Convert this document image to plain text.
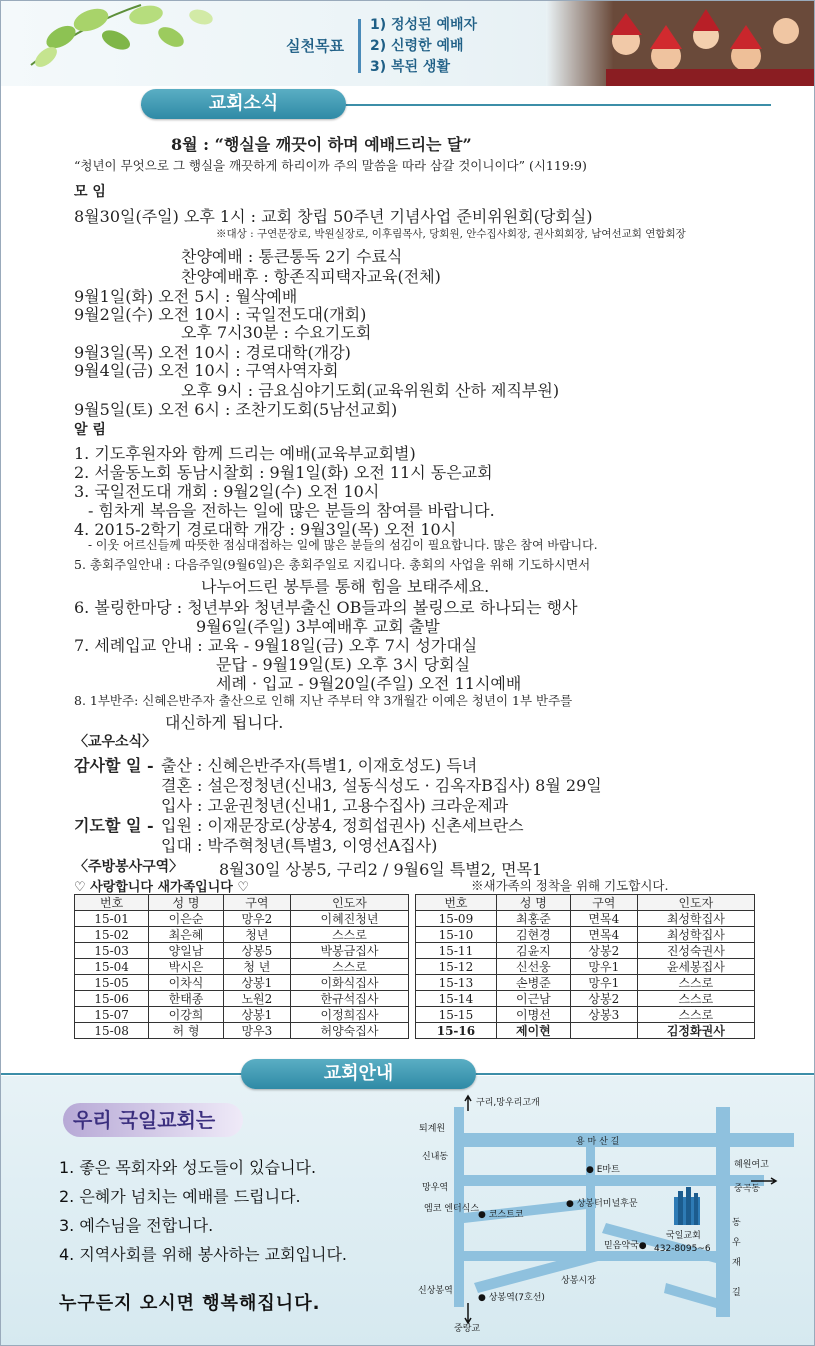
실천목표
1) 정성된 예배자
2) 신령한 예배
3) 복된 생활
교회소식
8월 : “행실을 깨끗이 하며 예배드리는 달”
“청년이 무엇으로 그 행실을 깨끗하게 하리이까 주의 말씀을 따라 삼갈 것이니이다” (시119:9)
모 임
8월30일(주일) 오후 1시 : 교회 창립 50주년 기념사업 준비위원회(당회실)
※대상 : 구연문장로, 박원실장로, 이후림목사, 당회원, 안수집사회장, 권사회회장, 남여선교회 연합회장
찬양예배 : 통큰통독 2기 수료식
찬양예배후 : 항존직피택자교육(전체)
9월1일(화) 오전 5시 : 월삭예배
9월2일(수) 오전 10시 : 국일전도대(개회)
오후 7시30분 : 수요기도회
9월3일(목) 오전 10시 : 경로대학(개강)
9월4일(금) 오전 10시 : 구역사역자회
오후 9시 : 금요심야기도회(교육위원회 산하 제직부원)
9월5일(토) 오전 6시 : 조찬기도회(5남선교회)
알 림
1. 기도후원자와 함께 드리는 예배(교육부교회별)
2. 서울동노회 동남시찰회 : 9월1일(화) 오전 11시 동은교회
3. 국일전도대 개회 : 9월2일(수) 오전 10시
- 힘차게 복음을 전하는 일에 많은 분들의 참여를 바랍니다.
4. 2015-2학기 경로대학 개강 : 9월3일(목) 오전 10시
- 이웃 어르신들께 따뜻한 점심대접하는 일에 많은 분들의 섬김이 필요합니다. 많은 참여 바랍니다.
5. 총회주일안내 : 다음주일(9월6일)은 총회주일로 지킵니다. 총회의 사업을 위해 기도하시면서
나누어드린 봉투를 통해 힘을 보태주세요.
6. 볼링한마당 : 청년부와 청년부출신 OB들과의 볼링으로 하나되는 행사
9월6일(주일) 3부예배후 교회 출발
7. 세례입교 안내 : 교육 - 9월18일(금) 오후 7시 성가대실
문답 - 9월19일(토) 오후 3시 당회실
세례 · 입교 - 9월20일(주일) 오전 11시예배
8. 1부반주: 신혜은반주자 출산으로 인해 지난 주부터 약 3개월간 이예은 청년이 1부 반주를
대신하게 됩니다.
〈교우소식〉
감사할 일 - 출산 : 신혜은반주자(특별1, 이재호성도) 득녀
결혼 : 설은정청년(신내3, 설동식성도 · 김옥자B집사) 8월 29일
입사 : 고윤권청년(신내1, 고용수집사) 크라운제과
기도할 일 - 입원 : 이재문장로(상봉4, 정희섭권사) 신촌세브란스
입대 : 박주혁청년(특별3, 이영선A집사)
〈주방봉사구역〉 8월30일 상봉5, 구리2 / 9월6일 특별2, 면목1
♡ 사랑합니다 새가족입니다 ♡	※새가족의 정착을 위해 기도합시다.
번호	성 명	구역	인도자
15-01	이은순	망우2	이혜진청년
15-02	최은혜	청년	스스로
15-03	양일남	상봉5	박봉금집사
15-04	박시은	청 년	스스로
15-05	이차식	상봉1	이화식집사
15-06	한태종	노원2	한규석집사
15-07	이강희	상봉1	이정희집사
15-08	허 형	망우3	허양숙집사
번호	성 명	구역	인도자
15-09	최홍준	면목4	최성학집사
15-10	김현경	면목4	최성학집사
15-11	김윤지	상봉2	진성숙권사
15-12	신선웅	망우1	윤세봉집사
15-13	손병준	망우1	스스로
15-14	이근남	상봉2	스스로
15-15	이명선	상봉3	스스로
15-16	제이현		김정화권사
교회안내
우리 국일교회는
1. 좋은 목회자와 성도들이 있습니다.
2. 은혜가 넘치는 예배를 드립니다.
3. 예수님을 전합니다.
4. 지역사회를 위해 봉사하는 교회입니다.
누구든지 오시면 행복해집니다.
구리,망우리고개
퇴계원
용 마 산 길
신내동
● E마트	혜원여고
망우역	중곡동
엠코 엔터식스
● 코스트코
● 상봉터미널후문
국일교회
432-8095~6
믿음약국●
상봉시장
신상봉역
● 상봉역(7호선)
중랑교
동
우
재
길
